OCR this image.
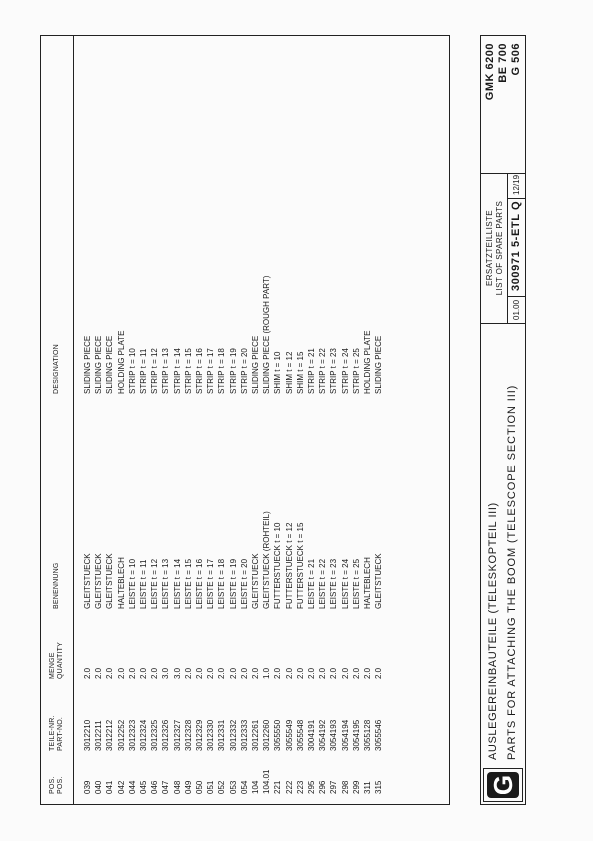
POS. POS.
TEILE-NR. PART-NO.
MENGE QUANTITY
BENENNUNG
DESIGNATION
039
3012210
2.0
GLEITSTUECK
SLIDING PIECE
040
3012211
2.0
GLEITSTUECK
SLIDING PIECE
041
3012212
2.0
GLEITSTUECK
SLIDING PIECE
042
3012252
2.0
HALTEBLECH
HOLDING PLATE
044
3012323
2.0
LEISTE t = 10
STRIP t = 10
045
3012324
2.0
LEISTE t = 11
STRIP t = 11
046
3012325
2.0
LEISTE t = 12
STRIP t = 12
047
3012326
3.0
LEISTE t = 13
STRIP t = 13
048
3012327
3.0
LEISTE t = 14
STRIP t = 14
049
3012328
2.0
LEISTE t = 15
STRIP t = 15
050
3012329
2.0
LEISTE t = 16
STRIP t = 16
051
3012330
2.0
LEISTE t = 17
STRIP t = 17
052
3012331
2.0
LEISTE t = 18
STRIP t = 18
053
3012332
2.0
LEISTE t = 19
STRIP t = 19
054
3012333
2.0
LEISTE t = 20
STRIP t = 20
104
3012261
2.0
GLEITSTUECK
SLIDING PIECE
104.01
3012260
1.0
GLEITSTUECK (ROHTEIL)
SLIDING PIECE (ROUGH PART)
221
3055550
2.0
FUTTERSTUECK t = 10
SHIM t = 10
222
3055549
2.0
FUTTERSTUECK t = 12
SHIM t = 12
223
3055548
2.0
FUTTERSTUECK t = 15
SHIM t = 15
295
3004191
2.0
LEISTE t = 21
STRIP t = 21
296
3054192
2.0
LEISTE t = 22
STRIP t = 22
297
3054193
2.0
LEISTE t = 23
STRIP t = 23
298
3054194
2.0
LEISTE t = 24
STRIP t = 24
299
3054195
2.0
LEISTE t = 25
STRIP t = 25
311
3055128
2.0
HALTEBLECH
HOLDING PLATE
315
3055546
2.0
GLEITSTUECK
SLIDING PIECE
G
AUSLEGEREINBAUTEILE (TELESKOPTEIL III) PARTS FOR ATTACHING THE BOOM (TELESCOPE SECTION III)
ERSATZTEILLISTE LIST OF SPARE PARTS
01.00
300971 5-ETL Q
12/19
GMK 6200 BE 700 G 506
